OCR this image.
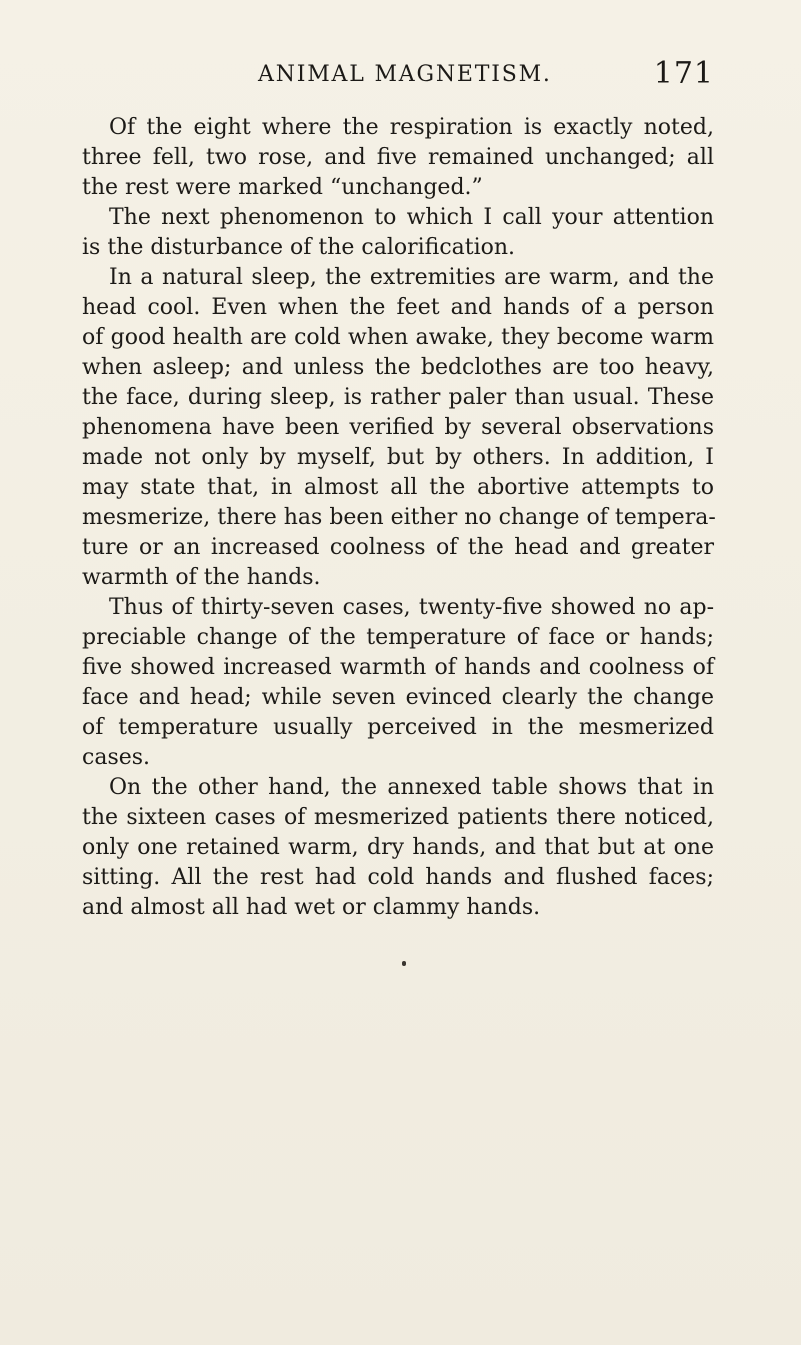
ANIMAL MAGNETISM.	171
Of the eight where the respiration is exactly noted,
three fell, two rose, and five remained unchanged; all
the rest were marked “unchanged.”
The next phenomenon to which I call your attention
is the disturbance of the calorification.
In a natural sleep, the extremities are warm, and the
head cool. Even when the feet and hands of a person
of good health are cold when awake, they become warm
when asleep; and unless the bedclothes are too heavy,
the face, during sleep, is rather paler than usual. These
phenomena have been verified by several observations
made not only by myself, but by others. In addition, I
may state that, in almost all the abortive attempts to
mesmerize, there has been either no change of tempera-
ture or an increased coolness of the head and greater
warmth of the hands.
Thus of thirty-seven cases, twenty-five showed no ap-
preciable change of the temperature of face or hands;
five showed increased warmth of hands and coolness of
face and head; while seven evinced clearly the change
of temperature usually perceived in the mesmerized
cases.
On the other hand, the annexed table shows that in
the sixteen cases of mesmerized patients there noticed,
only one retained warm, dry hands, and that but at one
sitting. All the rest had cold hands and flushed faces;
and almost all had wet or clammy hands.
